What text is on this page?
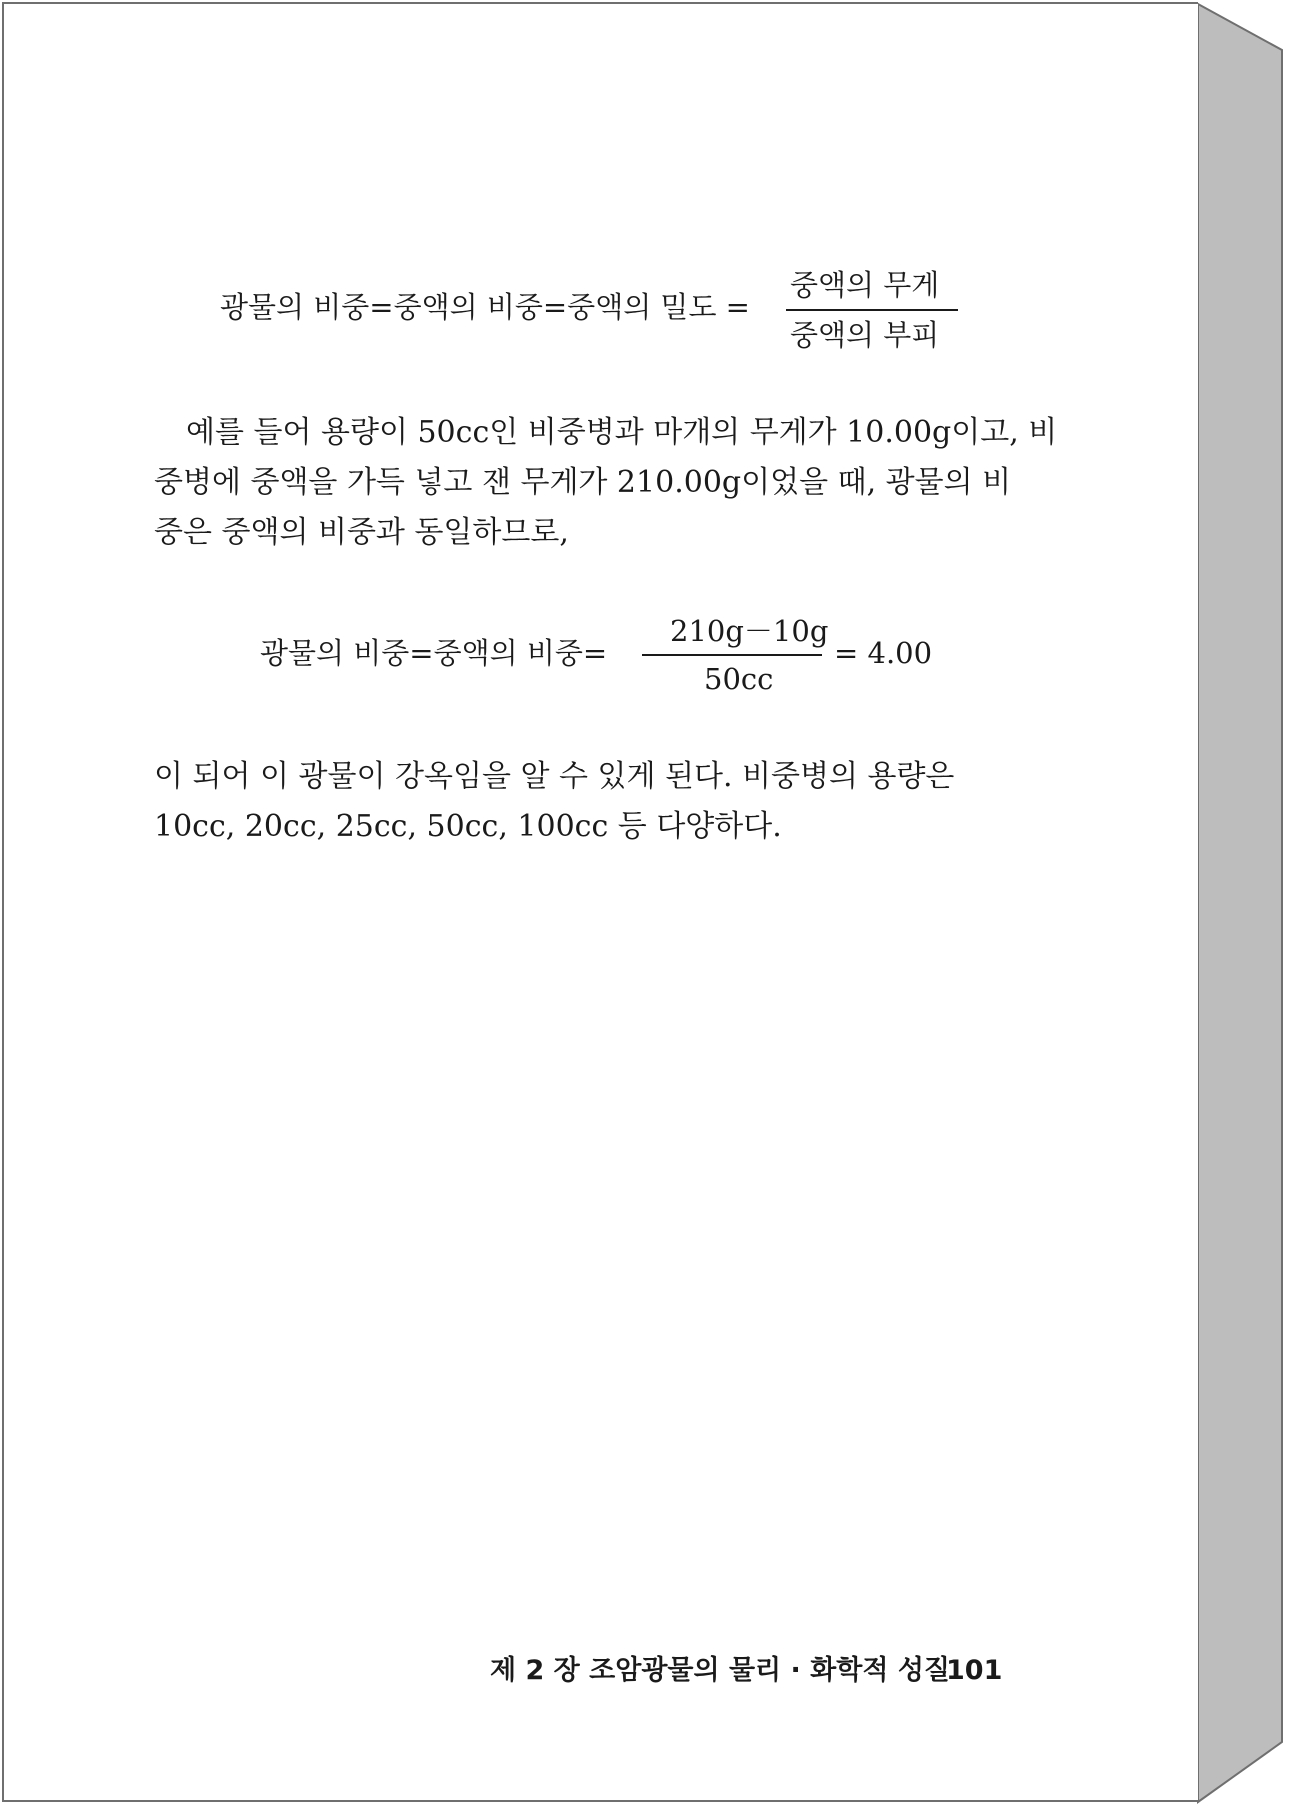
광물의 비중=중액의 비중=중액의 밀도 =
중액의 무게
중액의 부피
예를 들어 용량이 50cc인 비중병과 마개의 무게가 10.00g이고, 비
중병에 중액을 가득 넣고 잰 무게가 210.00g이었을 때, 광물의 비
중은 중액의 비중과 동일하므로,
광물의 비중=중액의 비중=
210g－10g
50cc
= 4.00
이 되어 이 광물이 강옥임을 알 수 있게 된다. 비중병의 용량은
10cc, 20cc, 25cc, 50cc, 100cc 등 다양하다.
제 2 장 조암광물의 물리 · 화학적 성질
101
